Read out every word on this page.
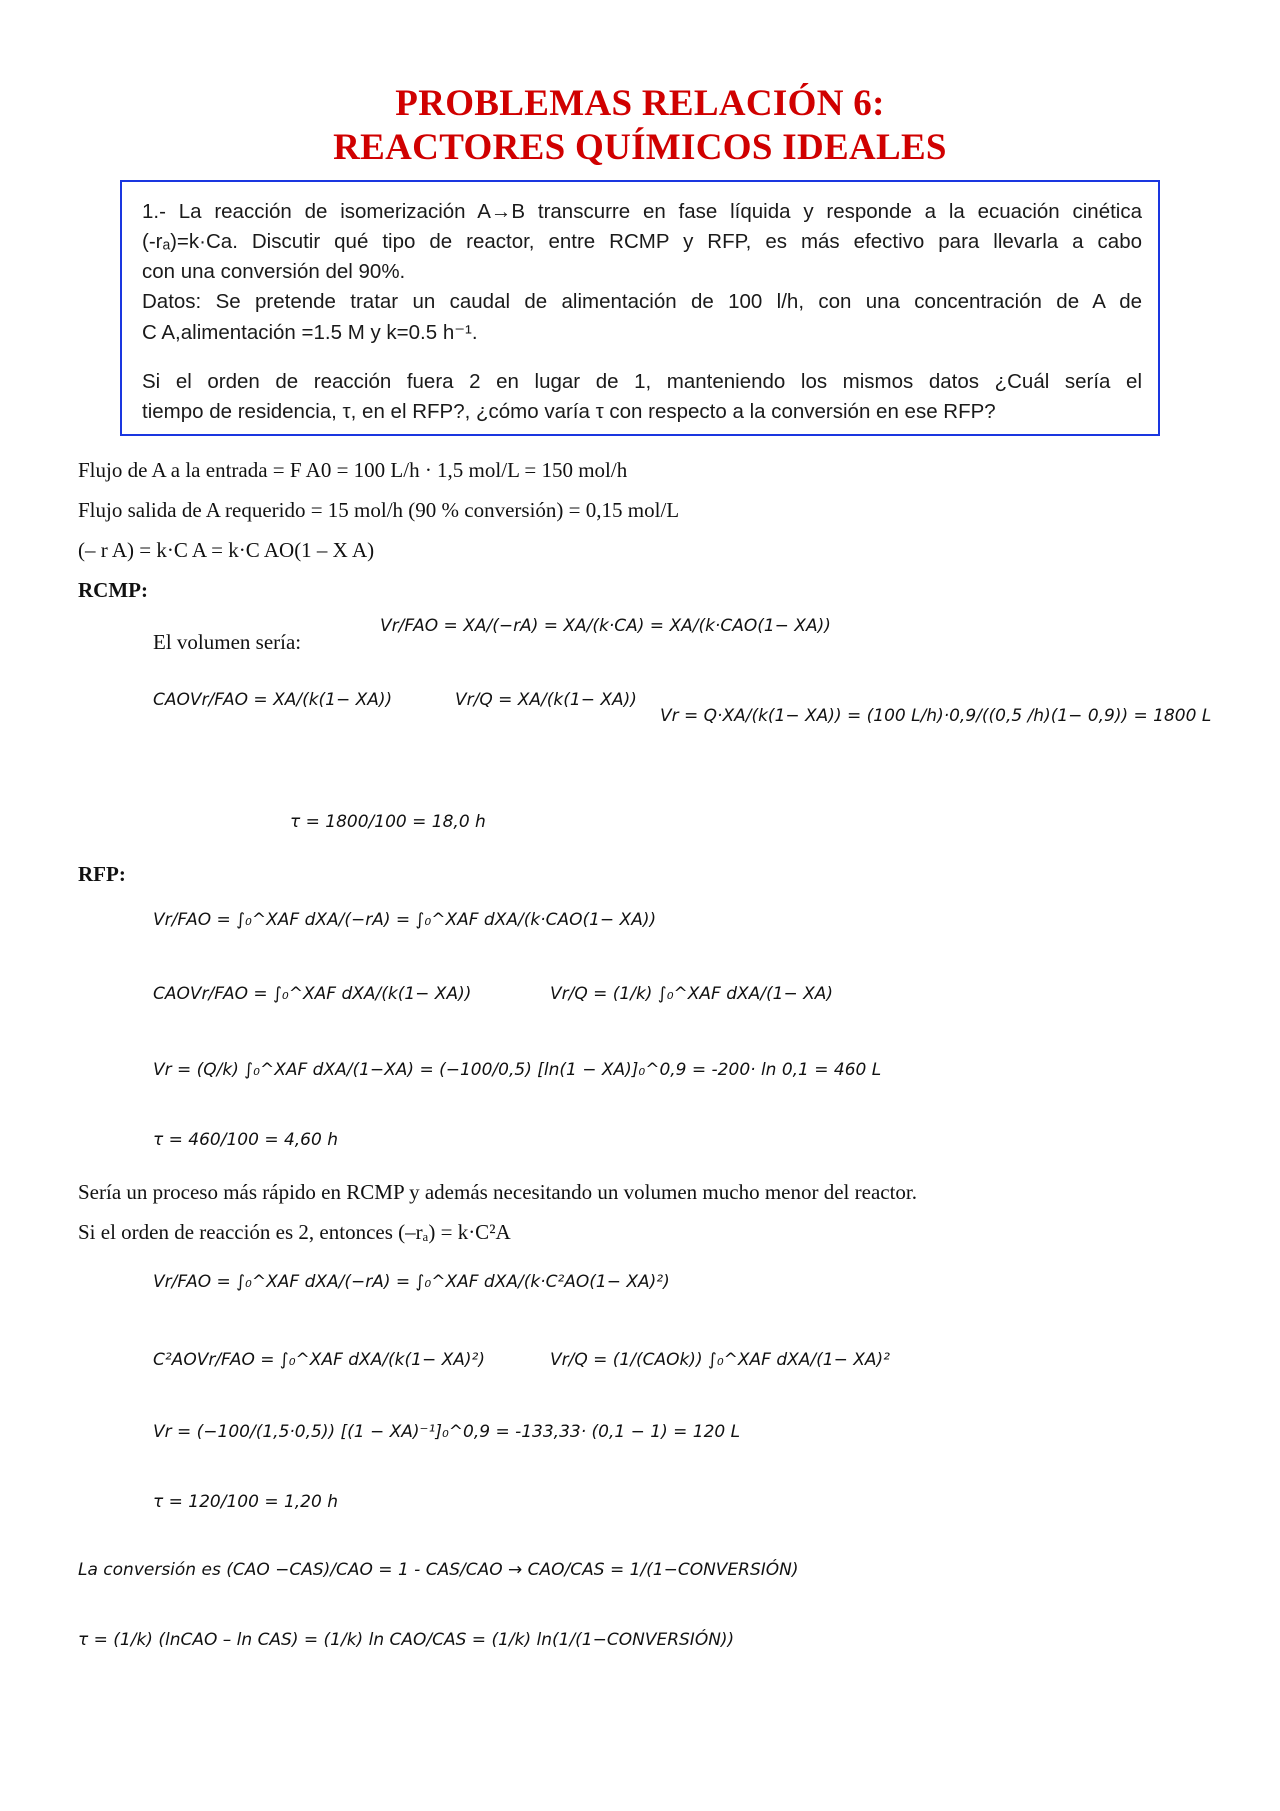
PROBLEMAS RELACIÓN 6:
REACTORES QUÍMICOS IDEALES

1.- La reacción de isomerización A→B transcurre en fase líquida y responde a la ecuación cinética

(-rₐ)=k·Ca. Discutir qué tipo de reactor, entre RCMP y RFP, es más efectivo para llevarla a cabo

con una conversión del 90%.

Datos: Se pretende tratar un caudal de alimentación de 100 l/h, con una concentración de A de

C A,alimentación =1.5 M y k=0.5 h⁻¹.

Si el orden de reacción fuera 2 en lugar de 1, manteniendo los mismos datos ¿Cuál sería el

tiempo de residencia, τ, en el RFP?, ¿cómo varía τ con respecto a la conversión en ese RFP?

Flujo de A a la entrada = F A0 = 100 L/h · 1,5 mol/L = 150 mol/h
Flujo salida de A requerido = 15 mol/h (90 % conversión) = 0,15 mol/L
(– r A) = k·C A = k·C AO(1 – X A)
RCMP:
El volumen sería:
Vr/FAO = XA/(−rA) = XA/(k·CA) = XA/(k·CAO(1− XA))
CAOVr/FAO = XA/(k(1− XA))	Vr/Q = XA/(k(1− XA))
Vr = Q·XA/(k(1− XA)) = (100 L/h)·0,9/((0,5 /h)(1− 0,9)) = 1800 L
τ = 1800/100 = 18,0 h
RFP:
Vr/FAO = ∫₀^XAF dXA/(−rA) = ∫₀^XAF dXA/(k·CAO(1− XA))
CAOVr/FAO = ∫₀^XAF dXA/(k(1− XA))	Vr/Q = (1/k) ∫₀^XAF dXA/(1− XA)
Vr = (Q/k) ∫₀^XAF dXA/(1−XA) = (−100/0,5) [ln(1 − XA)]₀^0,9 = -200· ln 0,1 = 460 L
τ = 460/100 = 4,60 h
Sería un proceso más rápido en RCMP y además necesitando un volumen mucho menor del reactor.
Si el orden de reacción es 2, entonces (–rₐ) = k·C²A
Vr/FAO = ∫₀^XAF dXA/(−rA) = ∫₀^XAF dXA/(k·C²AO(1− XA)²)
C²AOVr/FAO = ∫₀^XAF dXA/(k(1− XA)²)	Vr/Q = (1/(CAOk)) ∫₀^XAF dXA/(1− XA)²
Vr = (−100/(1,5·0,5)) [(1 − XA)⁻¹]₀^0,9 = -133,33· (0,1 − 1) = 120 L
τ = 120/100 = 1,20 h
La conversión es (CAO −CAS)/CAO = 1 - CAS/CAO → CAO/CAS = 1/(1−CONVERSIÓN)
τ = (1/k) (lnCAO – ln CAS) = (1/k) ln CAO/CAS = (1/k) ln(1/(1−CONVERSIÓN))
